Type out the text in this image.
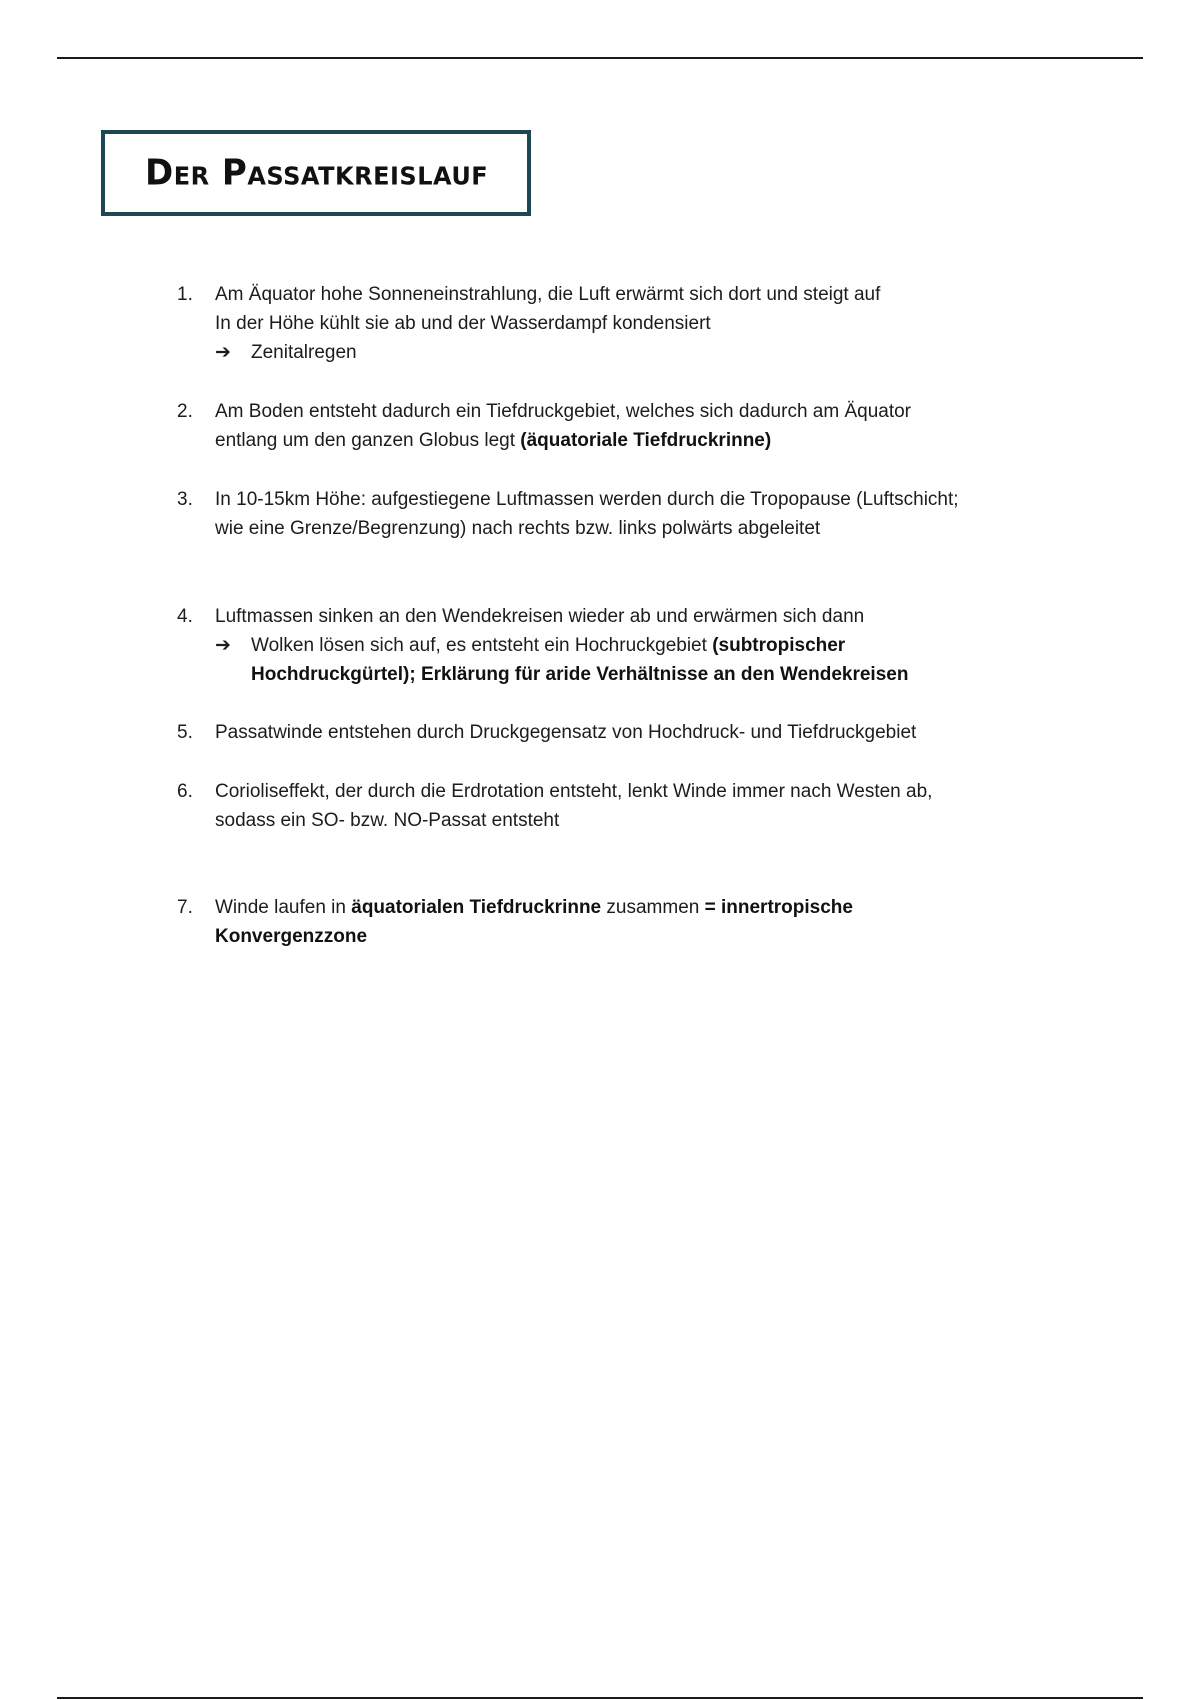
Der Passatkreislauf
1.	Am Äquator hohe Sonneneinstrahlung, die Luft erwärmt sich dort und steigt auf
In der Höhe kühlt sie ab und der Wasserdampf kondensiert
➔ Zenitalregen
2.	Am Boden entsteht dadurch ein Tiefdruckgebiet, welches sich dadurch am Äquator
entlang um den ganzen Globus legt (äquatoriale Tiefdruckrinne)
3.	In 10-15km Höhe: aufgestiegene Luftmassen werden durch die Tropopause (Luftschicht;
wie eine Grenze/Begrenzung) nach rechts bzw. links polwärts abgeleitet
4.	Luftmassen sinken an den Wendekreisen wieder ab und erwärmen sich dann
➔ Wolken lösen sich auf, es entsteht ein Hochruckgebiet (subtropischer
Hochdruckgürtel); Erklärung für aride Verhältnisse an den Wendekreisen
5.	Passatwinde entstehen durch Druckgegensatz von Hochdruck- und Tiefdruckgebiet
6.	Corioliseffekt, der durch die Erdrotation entsteht, lenkt Winde immer nach Westen ab,
sodass ein SO- bzw. NO-Passat entsteht
7.	Winde laufen in äquatorialen Tiefdruckrinne zusammen = innertropische
Konvergenzzone
